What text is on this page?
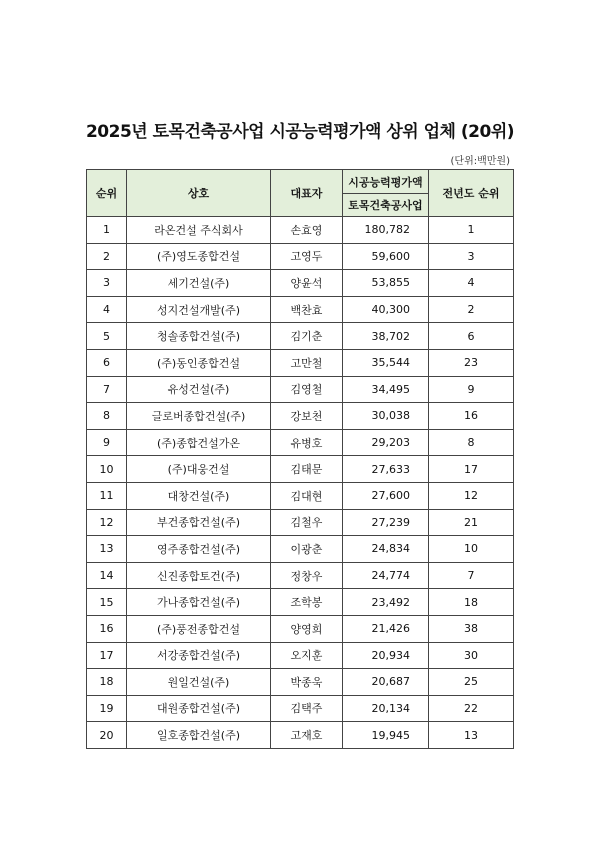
2025년 토목건축공사업 시공능력평가액 상위 업체 (20위)
(단위:백만원)
순위	상호	대표자	시공능력평가액	전년도 순위
			토목건축공사업	
1	라온건설 주식회사	손효영	180,782	1
2	(주)영도종합건설	고영두	59,600	3
3	세기건설(주)	양윤석	53,855	4
4	성지건설개발(주)	백찬효	40,300	2
5	청솔종합건설(주)	김기춘	38,702	6
6	(주)동인종합건설	고만철	35,544	23
7	유성건설(주)	김영철	34,495	9
8	글로버종합건설(주)	강보천	30,038	16
9	(주)종합건설가온	유병호	29,203	8
10	(주)대웅건설	김태문	27,633	17
11	대창건설(주)	김대현	27,600	12
12	부건종합건설(주)	김철우	27,239	21
13	영주종합건설(주)	이광춘	24,834	10
14	신진종합토건(주)	정창우	24,774	7
15	가나종합건설(주)	조학봉	23,492	18
16	(주)풍전종합건설	양영희	21,426	38
17	서강종합건설(주)	오지훈	20,934	30
18	원일건설(주)	박종욱	20,687	25
19	대원종합건설(주)	김택주	20,134	22
20	일호종합건설(주)	고재호	19,945	13
